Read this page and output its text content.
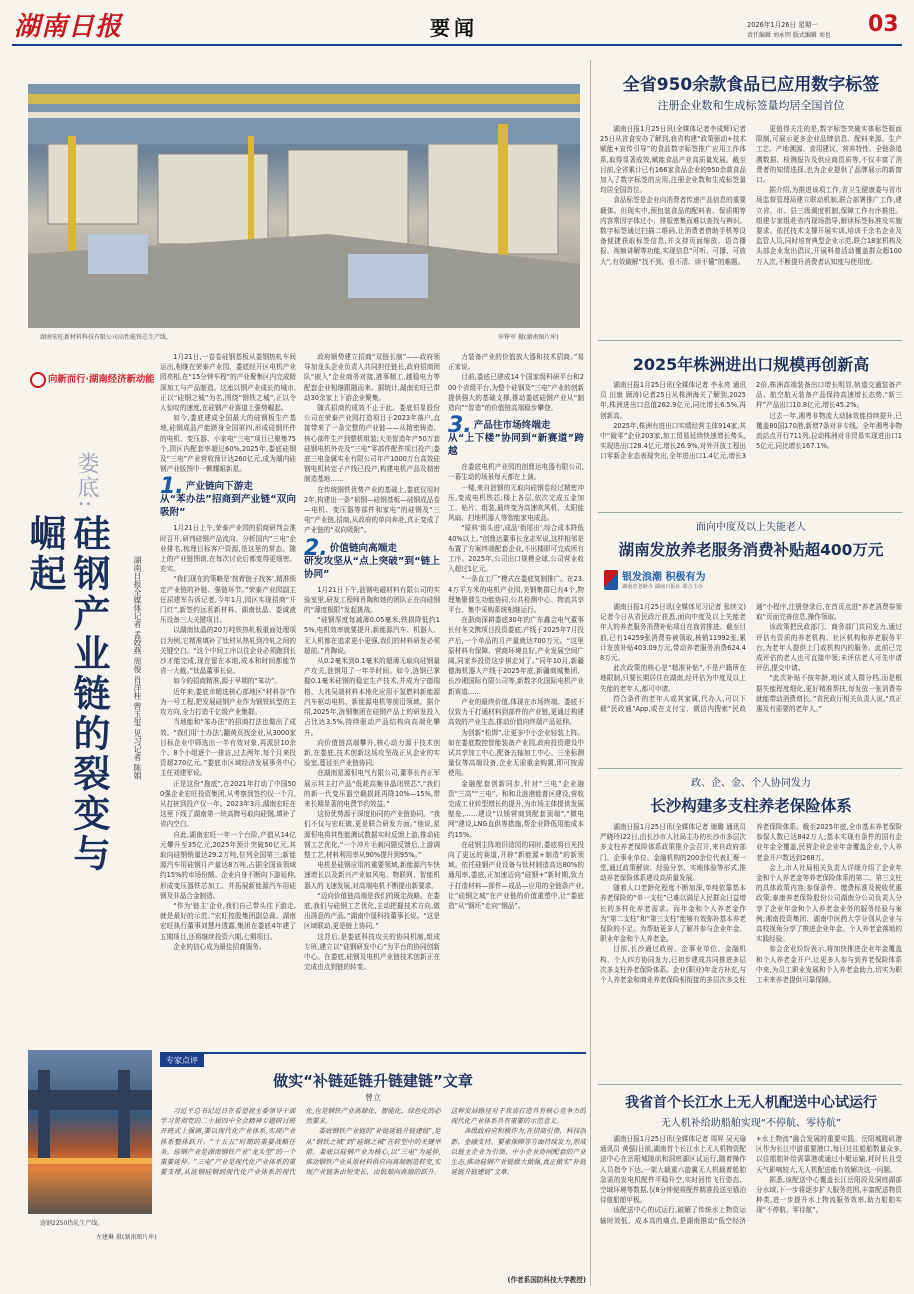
湖南日报	要闻	2026年1月26日 星期一
责任编辑 刘永明 版式编辑 刘也 03
湖南宏旺新材料科技有限公司高性能铁芯生产线。	申铮军 摄(湖南图片库)
全省950余款食品已应用数字标签
注册企业数和生成标签量均居全国首位

湖南日报1月25日讯(全媒体记者李成辉)记者25日从省食安办了解到,我省构建“政策驱动+技术赋能+宣传引导”的食品数字标签推广应用工作体系,取得显著成效,赋能食品产业高质量发展。截至目前,全省累计已有166家食品企业的950余款食品加入了数字标签的应用,注册企业数和生成标签量均居全国首位。

食品标签是企业向消费者传递产品信息的重要载体。但现实中,预包装食品的配料表、保质期等内容常因字体过小、排版密集而难以查找与辨识。数字标签通过扫描二维码,让消费者借助手机等设备便捷获取标签信息,并支持页面缩放、语音播报、视频讲解等功能,实现信息“可听、可播、可放大”,有效破解“找不到、看不清、读不懂”的难题。

更值得关注的是,数字标签突破实体标签版面限制,可展示更多企业品牌信息、配料来源、生产工艺、产地溯源、食用建议、营养特性、全链条追溯数据、检测报告及供应商资质等,不仅丰富了消费者的知情选择,也为企业提供了品牌展示的新窗口。

据介绍,为推进该项工作,省卫生健康委与省市场监督管理局建立联动机制,联合部署推广工作,建立省、市、县三级调度机制,保障工作有序推进。组建专家组赴省内现场指导,解读标签标准及实施要求。依托技术支撑开展实训,培训千余名企业及监管人员,同时培育典型企业示范,联合18家机构及头部企业发出倡议,开展科普活动覆盖群众超100万人次,不断提升消费者认知度与使用度。

2025年株洲进出口规模再创新高

湖南日报1月25日讯(全媒体记者 李永亮 通讯员 田康 顾涛)记者25日从株洲海关了解到,2025年,株洲进出口总值262.9亿元,同比增长6.5%,再创新高。

2025年,株洲有进出口实绩经营主体914家,其中“破零”企业203家,加工贸易延续快速增长势头,实现进出口28.4亿元,增长26.9%,对外开放工程出口零新企业态表现突出,全年进出口1.4亿元,增长32倍,株洲高端装备出口增长明显,轨道交通装备产品、航空航天装备产品保持高速增长态势,“新三样”产品出口10.8亿元,增长45.2%。

过去一年,湘粤非物流大动脉效能持续提升,已覆盖80国170港,新增7条对非专线。全年湘粤非物流站点开行711列,拉动株洲对非贸易实现进出口15亿元,同比增长167.1%。

面向中度及以上失能老人
湖南发放养老服务消费补贴超400万元
银发浪潮 积极有为
湖南省老龄办 湖南日报社 联合主办

湖南日报1月25日讯(全媒体见习记者 张续文)记者今日从省民政厅获悉,面向中度及以上失能老年人的养老服务消费补贴项目在我省推进。截至目前,已有14259张消费券被领取,核销11992张,累计发放补贴403.09万元,带动养老服务消费624.48万元。

此次政策的核心是“精准补贴”,不是户籍所在地限制,只要长期居住在湖南,经评估为中度及以上失能的老年人,都可申请。

符合条件的老年人或其家属,代办人,可以下载“民政通”App,或在支付宝、微信内搜索“民政通”小程序,注册登录后,在首页点进“养老消费券领取”页面完善信息,操作领取。

该政策把民政部门、商务部门共同发力,通过评估有资质的养老机构、社区机构和养老服务平台,为老年人提供上门或机构内的服务。此前已完成评估的老人也可直接申领;未评估老人可先申请评估,提交申请。

“此次补贴不按年龄,地区或人群分档,而是根据失能程度细化,更好精准帮扶,每发放一张消费券就能带动消费增长。”省民政厅相关负责人说,“真正惠及有需要的老年人。”

政、企、金、个人协同发力
长沙构建多支柱养老保险体系

湖南日报1月25日讯(全媒体记者 谢璐 通讯员 严晓玲)22日,由长沙市人社局主办的长沙市多层次多支柱养老保险体系政策推介会召开,来自政府部门、企事业单位、金融机构的200余位代表汇聚一堂,通过政策解读、经验分享、实地体验等形式,推动养老保险体系建设高质量发展。

随着人口老龄化程度不断加深,单纯依靠基本养老保险的“单一支柱”已难以满足人民群众日益增长的多样化养老需求。而年金和个人养老金作为“第二支柱”和“第三支柱”能够有效弥补基本养老保险的不足。为帮助更多人了解并参与企业年金、职业年金和个人养老金。

目前,长沙通过政府、企事业单位、金融机构、个人四方协同发力,已初步建成共同推进多层次多支柱养老保险体系。企业(职业)年金方补充,与个人养老金和商业养老保险相衔接的多层次多支柱养老保险体系。截至2025年底,全市基本养老保险参保人数已达842万人;基本实现有条件的国有企业年金全覆盖,民营企业企业年金覆盖企业,个人养老金开户数达到268万。

会上,市人社局相关负责人详细介绍了企业年金和个人养老金等养老保险体系的第二、第三支柱的具体政策内容;参保条件、缴费标准及税收优惠政策;泰康养老保险股份公司湖南分公司负责人分享了企业年金和个人养老金业务的服务经验与案例;湘南投资集团、湖南中医药大学分别从企业与高校视角分享了推进企业年金、个人养老金落地的实践经验。

参会企业纷纷表示,将加快推进企业年金覆盖和个人养老金开户,让更多人参与到养老保险体系中来,为员工职业发展和个人养老金助力,切实为职工未来养老提供可靠保障。

我省首个长江水上无人机配送中心试运行
无人机补给助船舶实现“不停航、零待航”

湖南日报1月25日讯(全媒体记者 周昇 吴天瑜 通讯员 黄强)日前,湖南首个长江水上无人机物资配送中心在岳阳城陵矶和洞庭湖区试运行,随着操作人员指令下达,一架大载重六旋翼无人机载着船舶急需的发电机配件平稳升空,实时回传飞行姿态、空域环境等数据,仅8分钟便将配件精准投送至锚泊待航船舶甲板。

该配送中心的试运行,破解了传统水上物资运输时效低、成本高的痛点,是湖南推动“低空经济+水上物流”融合发展的重要实践。岳阳城陵矶港区作为长江中游重要港口,每日过往船舶数量众多,以往船舶补给需靠港或通过小艇运输,耗时长且受天气影响较大,无人机配送能有效解决这一问题。

据悉,该配送中心覆盖长江岳阳段及洞庭湖部分水域,下一步将逐步扩大服务范围,丰富配送物资种类,进一步提升水上物流服务效率,助力船舶实现“不停航、零待航”。

向新而行·湖南经济新动能
娄底:
硅钢产业链的裂变与崛起
湖南日报全媒体记者 孟姣燕 周俊 肖洋桂 曾玉玺 见习记者 陈娟

1月21日,一卷卷硅钢基板从娄钢热轧车间运出,相继在荣泰产业园、娄底经开区电机产业园亮相,在“15分钟车程”的产业聚集区内完成精深加工与产品制造。这座以钢产业成长的城市,正以“硅钢之城”为名,围绕“钢铁之城”,正以令人惊叹的速度,在硅钢产业赛道上强势崛起。

如今,娄底建成全国最大的硅钢板生产基地,硅钢成品产能跻身全国第四,形成硅钢坯件的电机、变压器、小家电“三电”项目已聚集75个,园区内配套率超过60%,2025年,娄底硅钢及“三电”产业营收预计达260亿元,成为湖内硅钢产业版图中一颗耀眼新星。

1. 产业链向下游走
从“苯办法”招商到产业链“双向吸附”

1月21日上午,荣泰产业园的招商研判会准时召开,研判硅钢产品流向、分析国内“三电”企业排名,梳理目标客户资源,是这里的常态。随上的产业链图谱,在每次讨论后都变得更细密、充实。

“我们现在的策略是‘按着链子找客’,精准锁定产业链的补链、强链环节。”荣泰产业园副主任屈建军告诉记者,今年1月,园区实现招商“开门红”,新签约远茗新材料、湖南钛晶、娄诚液压设备三大关键项目。

以湖南钛晶的20万吨铁热轧板重面处理项目为例,它精准填补了钛材从热轧到冷轧之间的关键空白。“这个中间工序以往企业必须跑到长沙才能完成,现在留在本地,成本和时间都能节省一大截。”钛晶董事长说。

如今的招商精准,源于早期的“笨功”。

近年来,娄底市精选核心部地区“材料谷”作为一号工程,把发展硅钢产业作为钢铁转型的主攻方向,全力打造千亿级产业集群。

当地能和“笨办法”的招商打法也做出了成效。“我们用‘土办法’,翻黄页找企业,从3000家目标企业中筛选出一半有效对象,再派驻10余个、8个小组逐个一排访,过去两年,每个月来投资超270亿元。”娄底市区域经济发展事务中心主任刘建军说。

正是这份“拖底”,在2021年打动了中国500强企业宏旺投资集团,从考察到签约仅一个月,从打桩到投产仅一年。2023年3月,湖南宏旺在这里下线了湖南第一块高牌号取向硅钢,填补了省内空白。

自此,湖南宏旺一年一个台阶,产值从14亿元攀升至35亿元,2025年预计突破50亿元,其取向硅钢销量达29.2万吨,位列全国第三;新能源汽车用硅钢月产量达8万吨,占据全国该领域约15%的市场份额。企业自身不断向下游延伸,形成变压器铁芯加工、并拓展新能源汽车用硅钢及非晶合金制造。

“作为‘链主’企业,我们自己带头往下游走,就是最好的示范。”宏旺控股集团副总裁、湖南宏旺执行董事刘慧丹透露,集团在娄底4年建了五期项目,还将继续投资六期,七期项目。

企业的信心成为最佳招商服务。

政府顺势建立招商“双链长制”——政府领导加龙头企业负责人共同担任链长,政府招商团队“嵌入”企业商务对接,港事精工,越稳电力等配套企业相继跟随而来。据统计,湖南宏旺已带动30余家上下游企业聚集。

随式招商的成效不止于此。娄底恒显股份公司在荣泰产业园打造项目于2023年落户,直接带来了一条完整的产业链——从精密铸造、核心部件生产到整机组装;大美智造年产50万套硅钢电机外壳及“三电”零部件配件项目投产;娄底三电金属实业有限公司年产1000万台高效硅钢电机转定子产线已投产,构建电机产品及精密制造基地……

在传统钢铁优势产业的基础上,娄底仅用时2年,构建出一条“祖钢—硅钢基板—硅钢成品卷—电机、变压器等部件和家电”的硅钢及“三电”产业链,招商,从政府的单向奔赴,真正变成了产业链的“双向吸附”。

2. 价值链向高端走
研发攻坚从“点上突破”到“链上协同”

1月21日下午,涟钢电磁材料有限公司的实验室里,研发工程师肖陶和她的团队正在向硅钢的“薄度极限”发起挑战。

“硅钢厚度每减薄0.05毫米,铁损降低约15%,电机效率就要提升,新能源汽车、机器人、无人机都在追求更小更强,我们的材料研发必须超前。”肖陶说。

从0.2毫米到0.1毫米的超薄无取向硅钢量产攻关,涟钢用了一年半时间。如今,涟钢已掌握0.1毫米硅钢的稳定生产技术,并成为宁德瑞格、大兆吴端材料本地化应用于氢燃料新能源汽车驱动电机、新能源电机等前沿领域。据介绍,2025年,涟钢集团在硅钢产品上的研发投入占比达3.5%,持续驱动产品结构向高端化攀升。

向价值链高端攀升,核心动力源于技术创新,在娄底,技术创新这场攻坚战正从企业的实验室,蔓延至产业链协同。

在湖南星源恒电气有限公司,董事长肖正军展示其主打产品“低耗高频非晶闭铁芯”,“我们的新一代变压器空载损耗再降10%—15%,带来长期显著的电费节约效益。”

这份优势源于深度协同的产业链协同。“我们不仅与宏旺做,更是联合研发方面。”他说,星源恒电将其性能测试数据实时反馈上游,推动硅钢工艺优化,“一个冲片毛刺问题反馈后,上游调整工艺,材料利用率从90%提升到95%。”

电机是硅钢应用的重要领域,新能源汽车快速增长以及新兴产业如风电、物联网、智能机器人的飞速发展,对高端电机不断提出新要求。

“迈向价值链高端是我们的既定战略。在娄底,我们与硅钢工艺优化,主动把握技术方向,做出满意的产品。”湖南中晟科技董事长说。“这是区域联动,更是链上协同。”

这背后,是娄底科技攻关的协同机制,组成专班,建立以“硅钢研发中心”为平台的协同创新中心。在娄底,硅钢及电机产业链技术创新正在完成由点到链的转变。

力装备产业的价值放大器和技术招商。”易正家说。

目前,娄底已建成14个国家级科研平台和200个省级平台,为整个硅钢及“三电”产业的创新提供强大的基础支撑,推动娄底硅钢产业从“制造向”“智造”的价值链高端稳步攀登。

3. 产品往市场终端走
从“上下楼”协同到“新赛道”跨越

在娄底电机产业园的创鼎达电器有限公司,一幕生动的场景每天都在上演。

一楼,来自涟钢的无取向硅钢卷经过精密冲压,变成电机铁芯;楼上各层,依次完成五金加工、贴片、组装,最终变为高速吹风机、太阳能风扇、扫地机器人等智能家电成品。

“原料‘街头进’,成品‘街尾出’,综合成本降低40%以上。”创鼎达董事长龙志军说,这样相邻是布置了方案终端配套企业,不出楼即可完成所有工序。2025年,公司出口规模全球,公司营业收入超过1亿元。

“一条直工厂”模式在娄底复制推广。在23.4万平方米的电机产业园,美钢集群已有4个,物理集聚催生功能协同,公共检测中心、物流共享平台、集中采购系统相继运行。

在浙商深耕娄底30年的广东鑫会电气董事长付冬文携项目投资娄底,产线于2025年7月投产后,一个单品的月产量就达700万元。“这里原材料有保障、营商环境良好,产业发展空间广阔,同家乡投资这步棋走对了。”同年10月,新疆德海机器人产线于2025年底,新疆商城集团、长沙湘国际有限公司等,新数字化国际电机产业新赛道……

产业的最终价值,体现在市场终端。娄底不仅致力于打通材料到部件的产业链,更通过构建高效的产业生态,推动价值向终端产品延伸。

为创新“松绑”,让更多中小企业轻装上阵。如在娄底数控智能装备产业园,政府投资建设中试共享加工中心,配备五轴加工中心、三坐标测量仪等高端设备,企业无需重金购置,即可按需使用。

金融配套创新同步,针对“三电”企业融资“三高”“三电”、和和北涟港能普区建设,营收完成工业转型增长的提升,为市场主体提供发展壁垒,……建设“以镁营商到配套顶端”,“微电网”建设,LNG直供等措施,帮企业降低用能成本约15%。

在硅钢主阵地旧造园的同时,娄底将目光投向了更远的赛道,开辟“新能源+制造”的新领域。依托硅钢产业设备与钛材制造高达80%的通用率,娄底,正加速迈向“硅钢+”新时期,致力于打造材料—部件—成品—应用的全链条产业,让“硅钢之城”在产业链的价值重塑中,让“娄底造”从“钢坯”走向“钢品”。

涟钢2250热轧生产线。
左建琳 摄(湖南图片库)
专家点评
做实“补链延链升链建链”文章
曾立

习近平总书记近日在看望视主委领导干部学习贯彻党的二十届四中全会精神专题研讨班开班式上强调,要以现代化产业体系,实现产业体系整体跃升。“十五五”时期的重要战略任务。硅钢产业是湖南钢铁产业“龙头型”的一个重要延伸。“三电”产业是现代化产业体系的重要支撑,从涟钢硅钢到现代化产业体系的现代化,也是钢铁产业高端化、智能化、绿色化的必然要求。

娄底钢铁产业链的“补链延链升链建链”,是从“钢铁之城”到“硅钢之城”在转型中的关键举措。娄底以硅钢产业为核心,以“三电”为延伸,推动钢铁产业从原材料供应向高端制造转变,实现产业链条由短变长、由低端向高端的跃升。这种发展路径对于我省打造具有核心竞争力的现代化产业体系具有重要的示范意义。

各级政府应积极作为,在招商引资、科技创新、金融支持、要素保障等方面持续发力,形成以链主企业为引领、中小企业协同配套的产业生态,推动硅钢产业链做大做强,真正做实“补链延链升链建链”文章。

(作者系国防科技大学教授)
